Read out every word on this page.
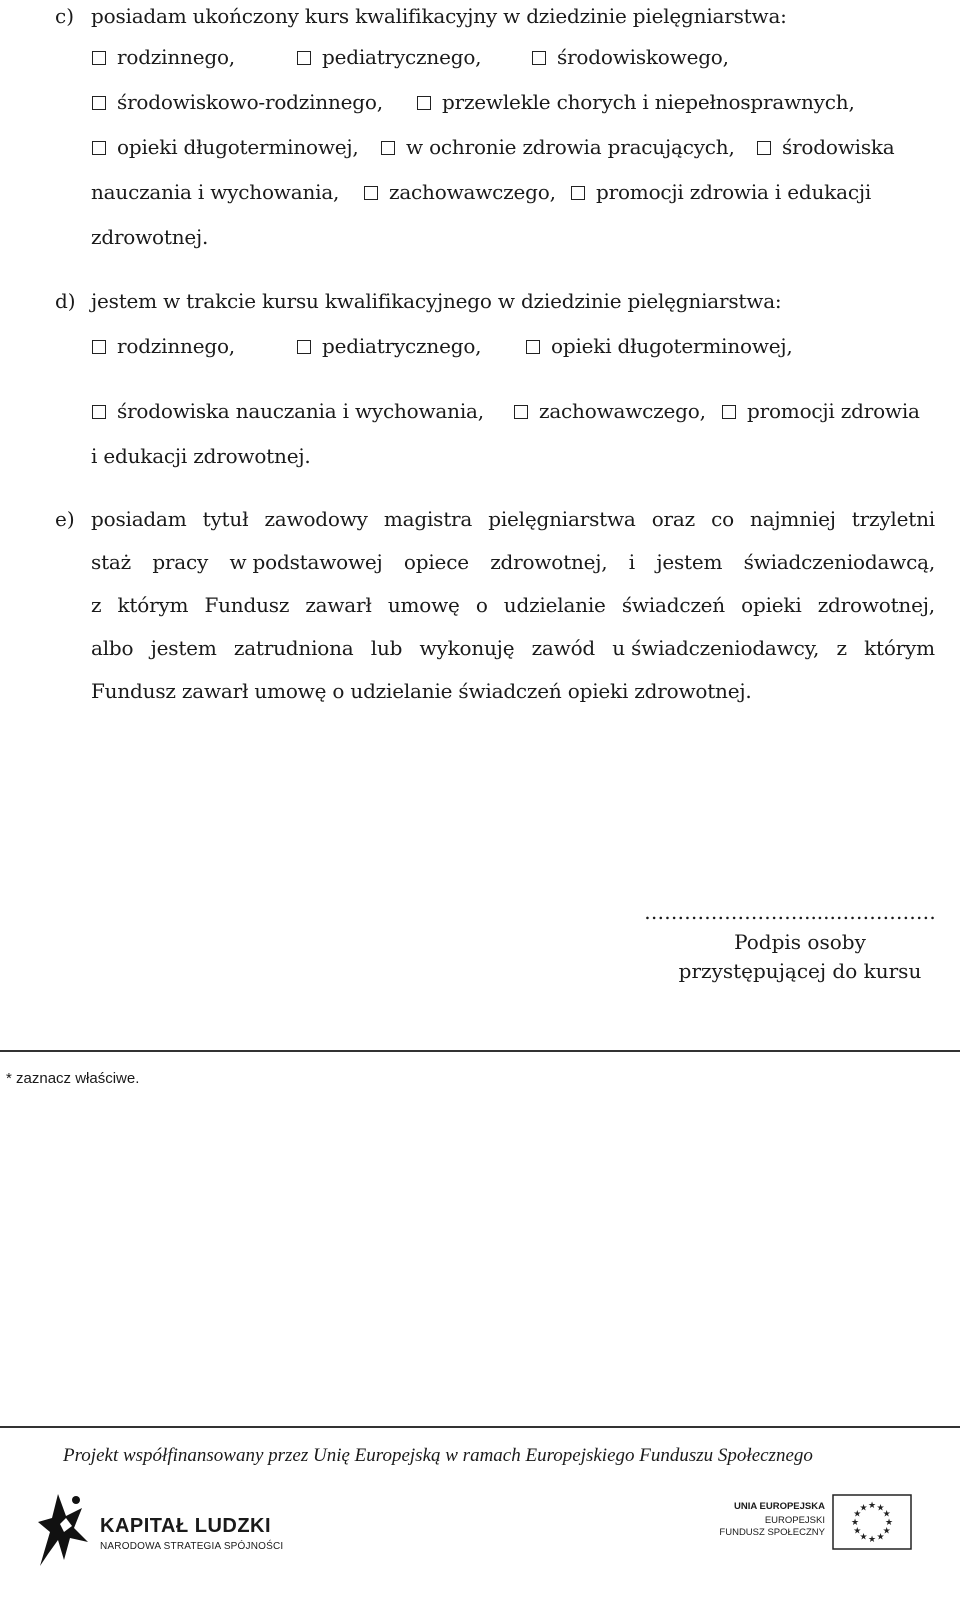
c) posiadam ukończony kurs kwalifikacyjny w dziedzinie pielęgniarstwa:
rodzinnego,	pediatrycznego,	środowiskowego,
środowiskowo-rodzinnego,	przewlekle chorych i niepełnosprawnych,
opieki długoterminowej,	w ochronie zdrowia pracujących,	środowiska
nauczania i wychowania,	zachowawczego,	promocji zdrowia i edukacji
zdrowotnej.
d) jestem w trakcie kursu kwalifikacyjnego w dziedzinie pielęgniarstwa:
rodzinnego,	pediatrycznego,	opieki długoterminowej,
środowiska nauczania i wychowania,	zachowawczego,	promocji zdrowia
i edukacji zdrowotnej.
e) posiadam tytuł zawodowy magistra pielęgniarstwa oraz co najmniej trzyletni
staż pracy w podstawowej opiece zdrowotnej, i jestem świadczeniodawcą,
z którym Fundusz zawarł umowę o udzielanie świadczeń opieki zdrowotnej,
albo jestem zatrudniona lub wykonuję zawód u świadczeniodawcy, z którym
Fundusz zawarł umowę o udzielanie świadczeń opieki zdrowotnej.
…………………….....……………
Podpis osoby
przystępującej do kursu
* zaznacz właściwe.
Projekt współfinansowany przez Unię Europejską w ramach Europejskiego Funduszu Społecznego
KAPITAŁ LUDZKI
NARODOWA STRATEGIA SPÓJNOŚCI
UNIA EUROPEJSKA
EUROPEJSKI
FUNDUSZ SPOŁECZNY
★
★
★
★
★
★
★
★
★ ★ ★
★
